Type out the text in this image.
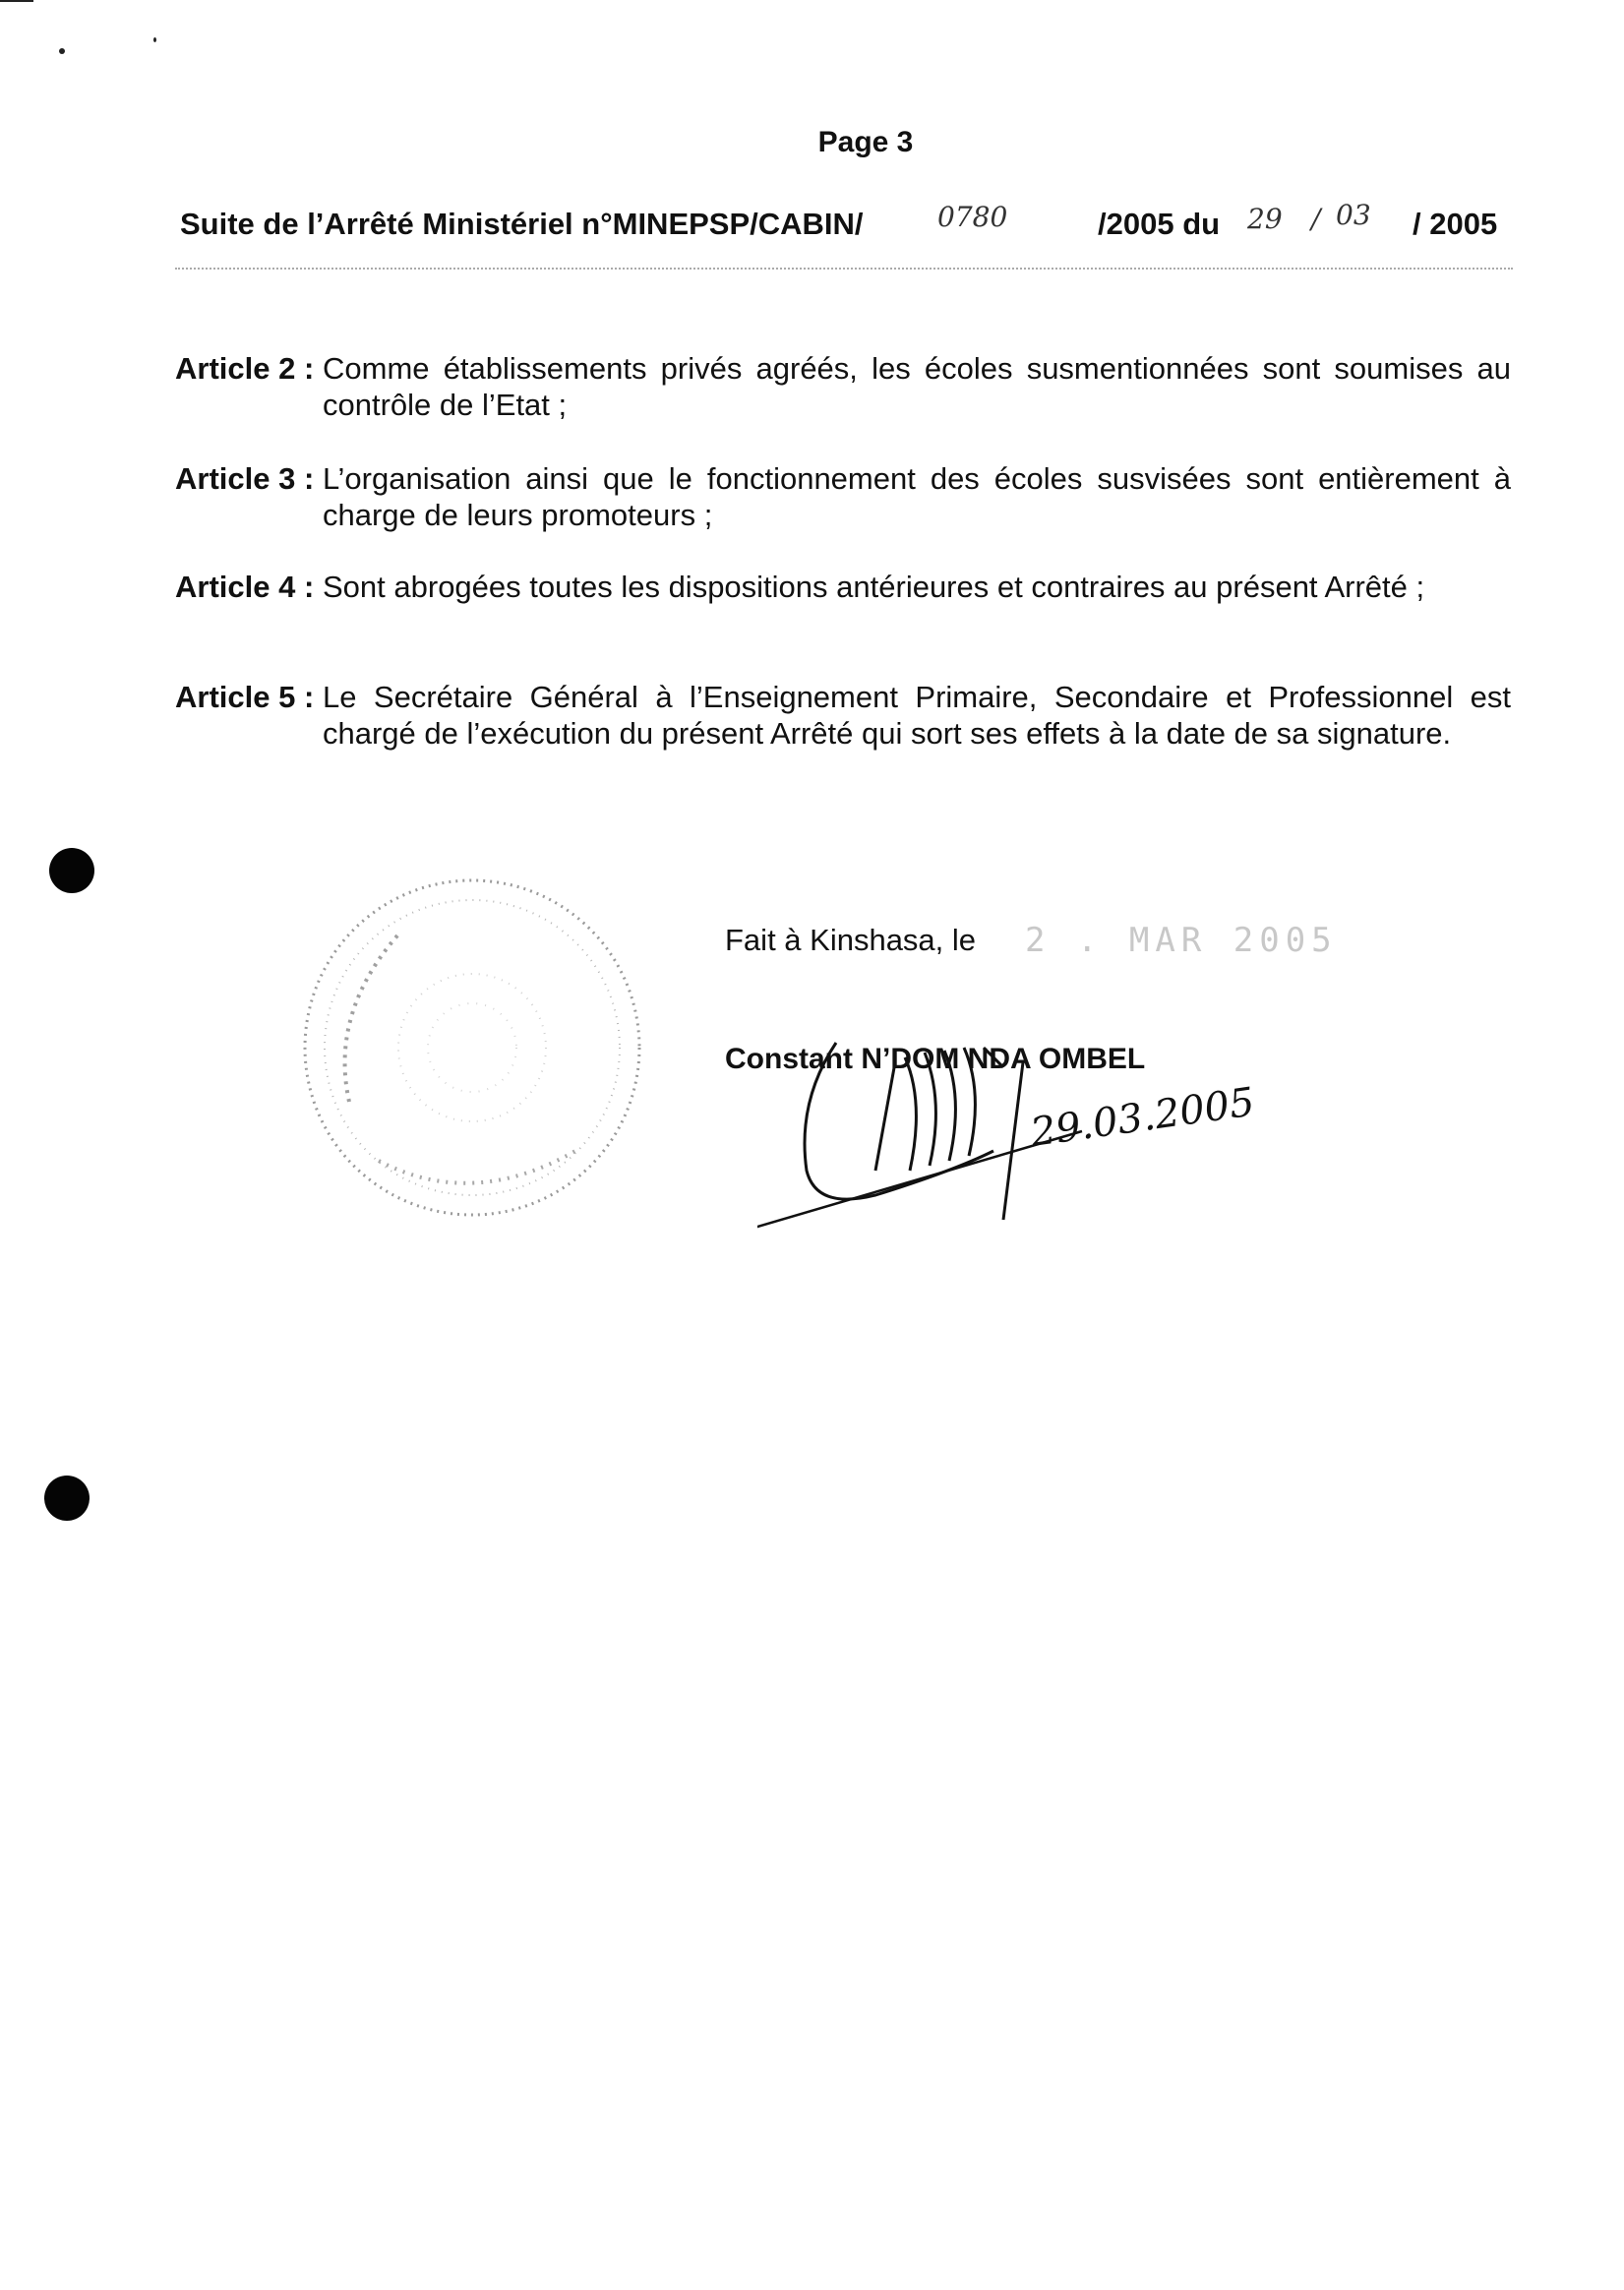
Page 3
Suite de l’Arrêté Ministériel n°MINEPSP/CABIN/	0780	/2005 du 29 / 03 / 2005
Article 2 : Comme établissements privés agréés, les écoles susmentionnées sont soumises au contrôle de l’Etat ;
Article 3 : L’organisation ainsi que le fonctionnement des écoles susvisées sont entièrement à charge de leurs promoteurs ;
Article 4 : Sont abrogées toutes les dispositions antérieures et contraires au présent Arrêté ;
Article 5 : Le Secrétaire Général à l’Enseignement Primaire, Secondaire et Professionnel est chargé de l’exécution du présent Arrêté qui sort ses effets à la date de sa signature.
Fait à Kinshasa, le 2 . MAR 2005
Constant N’DOM NDA OMBEL
29.03.2005
